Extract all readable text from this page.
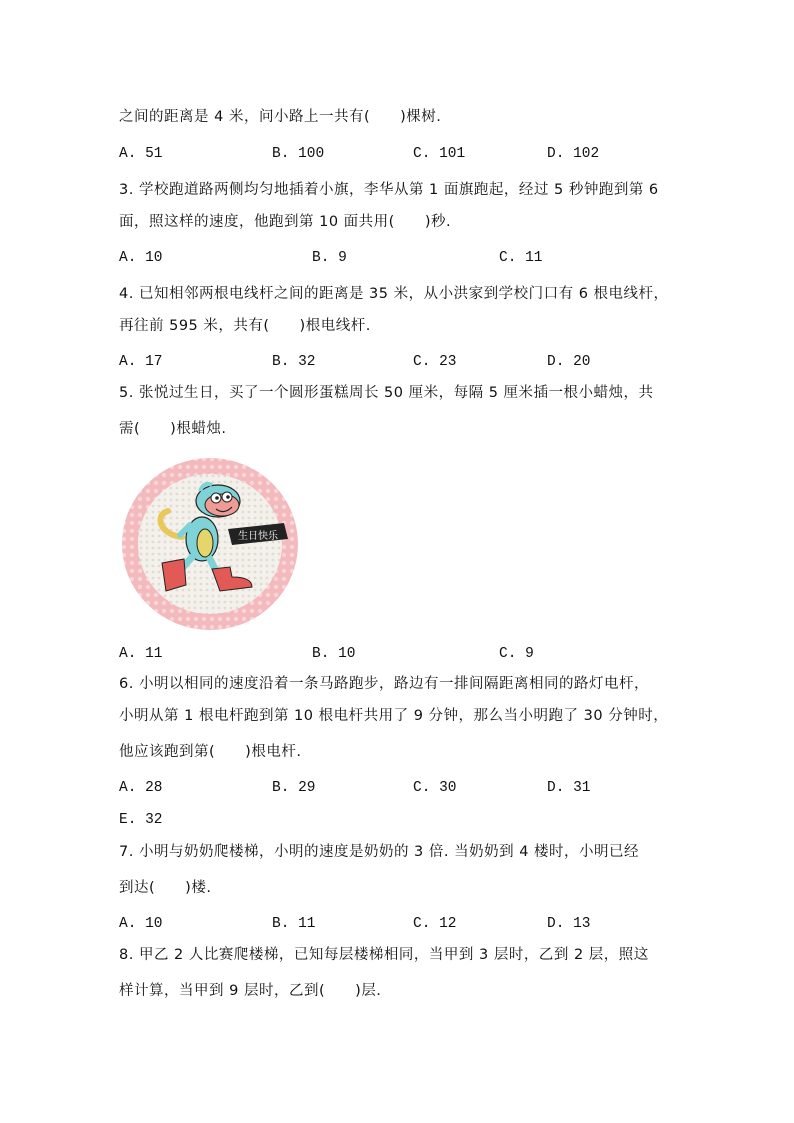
之间的距离是 4 米，问小路上一共有(　　)棵树.
A. 51	B. 100	C. 101	D. 102
3. 学校跑道路两侧均匀地插着小旗，李华从第 1 面旗跑起，经过 5 秒钟跑到第 6
面，照这样的速度，他跑到第 10 面共用(　　)秒.
A. 10	B. 9	C. 11
4. 已知相邻两根电线杆之间的距离是 35 米，从小洪家到学校门口有 6 根电线杆，
再往前 595 米，共有(　　)根电线杆.
A. 17	B. 32	C. 23	D. 20
5. 张悦过生日，买了一个圆形蛋糕周长 50 厘米，每隔 5 厘米插一根小蜡烛，共
需(　　)根蜡烛.
生日快乐
A. 11	B. 10	C. 9
6. 小明以相同的速度沿着一条马路跑步，路边有一排间隔距离相同的路灯电杆，
小明从第 1 根电杆跑到第 10 根电杆共用了 9 分钟，那么当小明跑了 30 分钟时，
他应该跑到第(　　)根电杆.
A. 28	B. 29	C. 30	D. 31
E. 32
7. 小明与奶奶爬楼梯，小明的速度是奶奶的 3 倍. 当奶奶到 4 楼时，小明已经
到达(　　)楼.
A. 10	B. 11	C. 12	D. 13
8. 甲乙 2 人比赛爬楼梯，已知每层楼梯相同，当甲到 3 层时，乙到 2 层，照这
样计算，当甲到 9 层时，乙到(　　)层.
